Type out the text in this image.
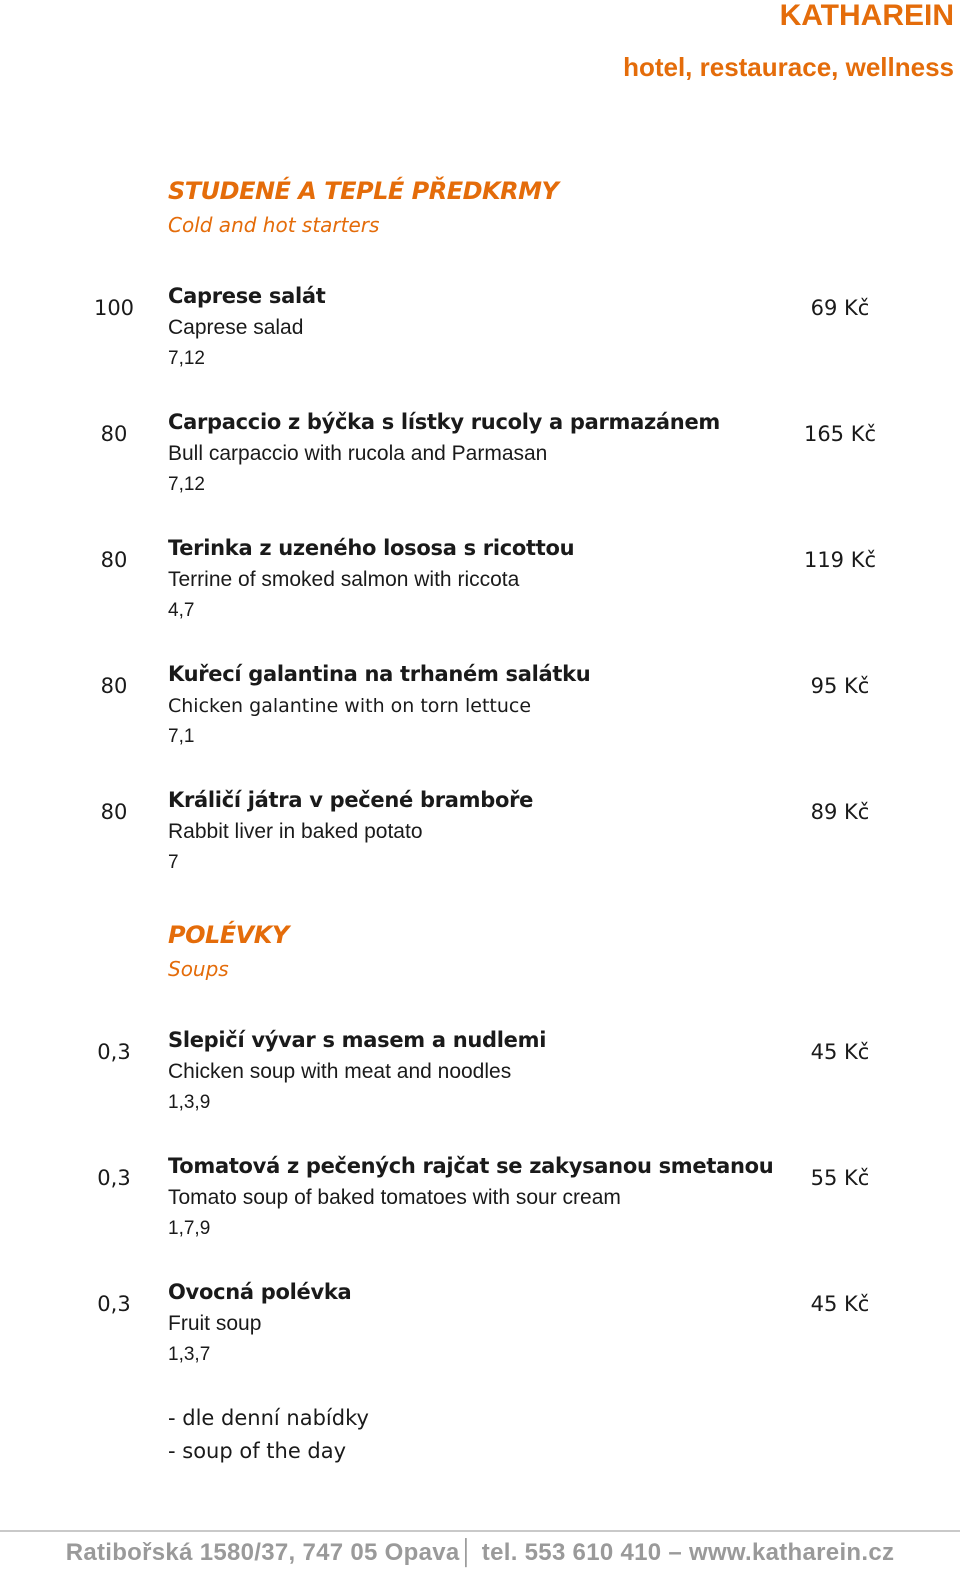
KATHAREIN
hotel, restaurace, wellness
STUDENÉ A TEPLÉ PŘEDKRMY
Cold and hot starters
100	Caprese salát
Caprese salad
7,12
69 Kč
80	Carpaccio z býčka s lístky rucoly a parmazánem
Bull carpaccio with rucola and Parmasan
7,12
165 Kč
80	Terinka z uzeného lososa s ricottou
Terrine of smoked salmon with riccota
4,7
119 Kč
80	Kuřecí galantina na trhaném salátku
Chicken galantine with on torn lettuce
7,1
95 Kč
80	Králičí játra v pečené bramboře
Rabbit liver in baked potato
7
89 Kč
POLÉVKY
Soups
0,3	Slepičí vývar s masem a nudlemi
Chicken soup with meat and noodles
1,3,9
45 Kč
0,3	Tomatová z pečených rajčat se zakysanou smetanou
Tomato soup of baked tomatoes with sour cream
1,7,9
55 Kč
0,3	Ovocná polévka
Fruit soup
1,3,7
45 Kč
- dle denní nabídky
- soup of the day
Ratibořská 1580/37, 747 05 Opava│ tel. 553 610 410 – www.katharein.cz
